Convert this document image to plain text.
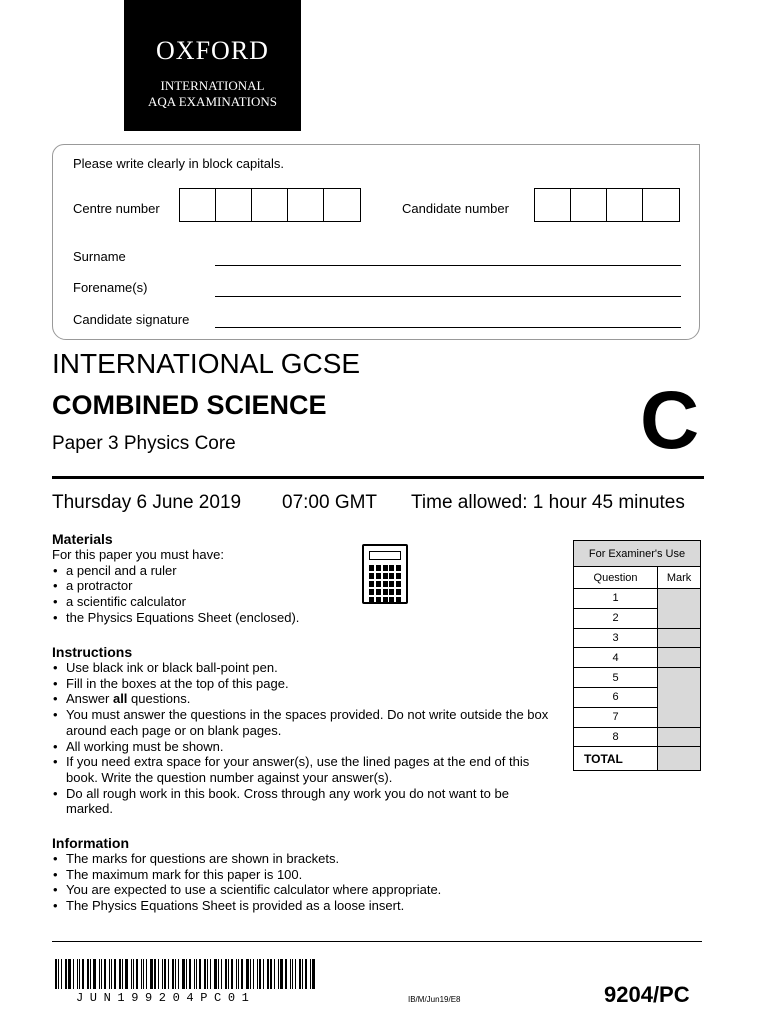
OXFORD
INTERNATIONAL
AQA EXAMINATIONS
Please write clearly in block capitals.
Centre number	Candidate number
Surname
Forename(s)
Candidate signature
INTERNATIONAL GCSE
COMBINED SCIENCE
Paper 3 Physics Core	C
Thursday 6 June 2019 07:00 GMT Time allowed: 1 hour 45 minutes
Materials

For this paper you must have:

• a pencil and a ruler
• a protractor
• a scientific calculator
• the Physics Equations Sheet (enclosed).
Instructions
• Use black ink or black ball-point pen.
• Fill in the boxes at the top of this page.
• Answer all questions.
• You must answer the questions in the spaces provided. Do not write outside the box around each page or on blank pages.
• All working must be shown.
• If you need extra space for your answer(s), use the lined pages at the end of this book. Write the question number against your answer(s).
• Do all rough work in this book. Cross through any work you do not want to be marked.
Information
• The marks for questions are shown in brackets.
• The maximum mark for this paper is 100.
• You are expected to use a scientific calculator where appropriate.
• The Physics Equations Sheet is provided as a loose insert.
For Examiner's Use	
Question	Mark
1	
2	
3	
4	
5	
6	
7	
8	
TOTAL	
JUN199204PC01	IB/M/Jun19/E8	9204/PC
